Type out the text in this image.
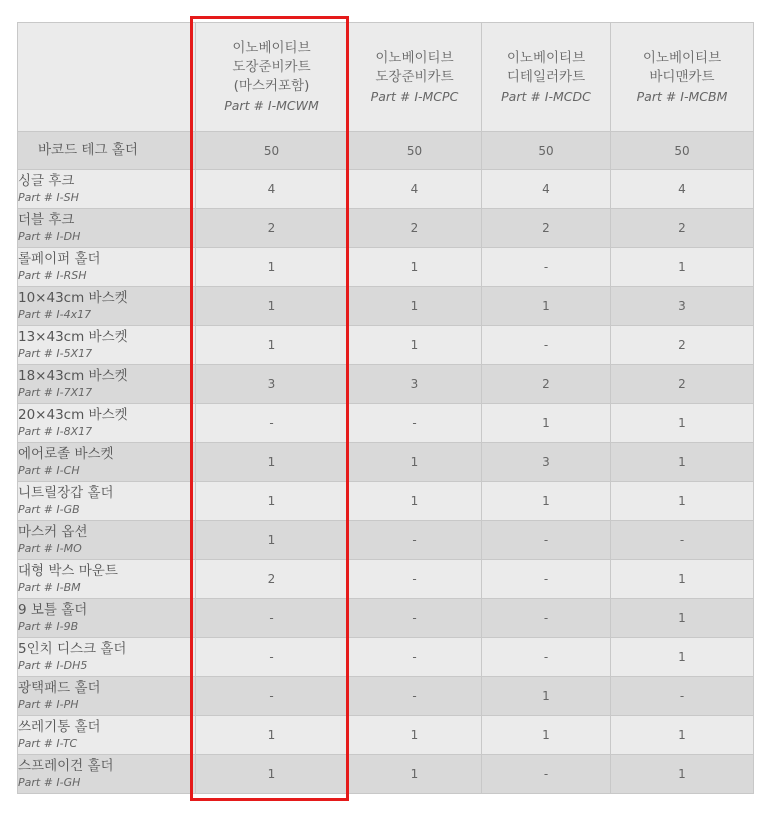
	이노베이티브
도장준비카트
(마스커포함)
Part # I-MCWM	이노베이티브
도장준비카트
Part # I-MCPC	이노베이티브
디테일러카트
Part # I-MCDC	이노베이티브
바디맨카트
Part # I-MCBM

바코드 테그 홀더	50	50	50	50

싱글 후크
Part # I-SH	4	4	4	4

더블 후크
Part # I-DH	2	2	2	2

롤페이퍼 홀더
Part # I-RSH	1	1	-	1

10×43cm 바스켓
Part # I-4x17	1	1	1	3

13×43cm 바스켓
Part # I-5X17	1	1	-	2

18×43cm 바스켓
Part # I-7X17	3	3	2	2

20×43cm 바스켓
Part # I-8X17	-	-	1	1

에어로졸 바스켓
Part # I-CH	1	1	3	1

니트릴장갑 홀더
Part # I-GB	1	1	1	1

마스커 옵션
Part # I-MO	1	-	-	-

대형 박스 마운트
Part # I-BM	2	-	-	1

9 보틀 홀더
Part # I-9B	-	-	-	1

5인치 디스크 홀더
Part # I-DH5	-	-	-	1

광택패드 홀더
Part # I-PH	-	-	1	-

쓰레기통 홀더
Part # I-TC	1	1	1	1

스프레이건 홀더
Part # I-GH	1	1	-	1
